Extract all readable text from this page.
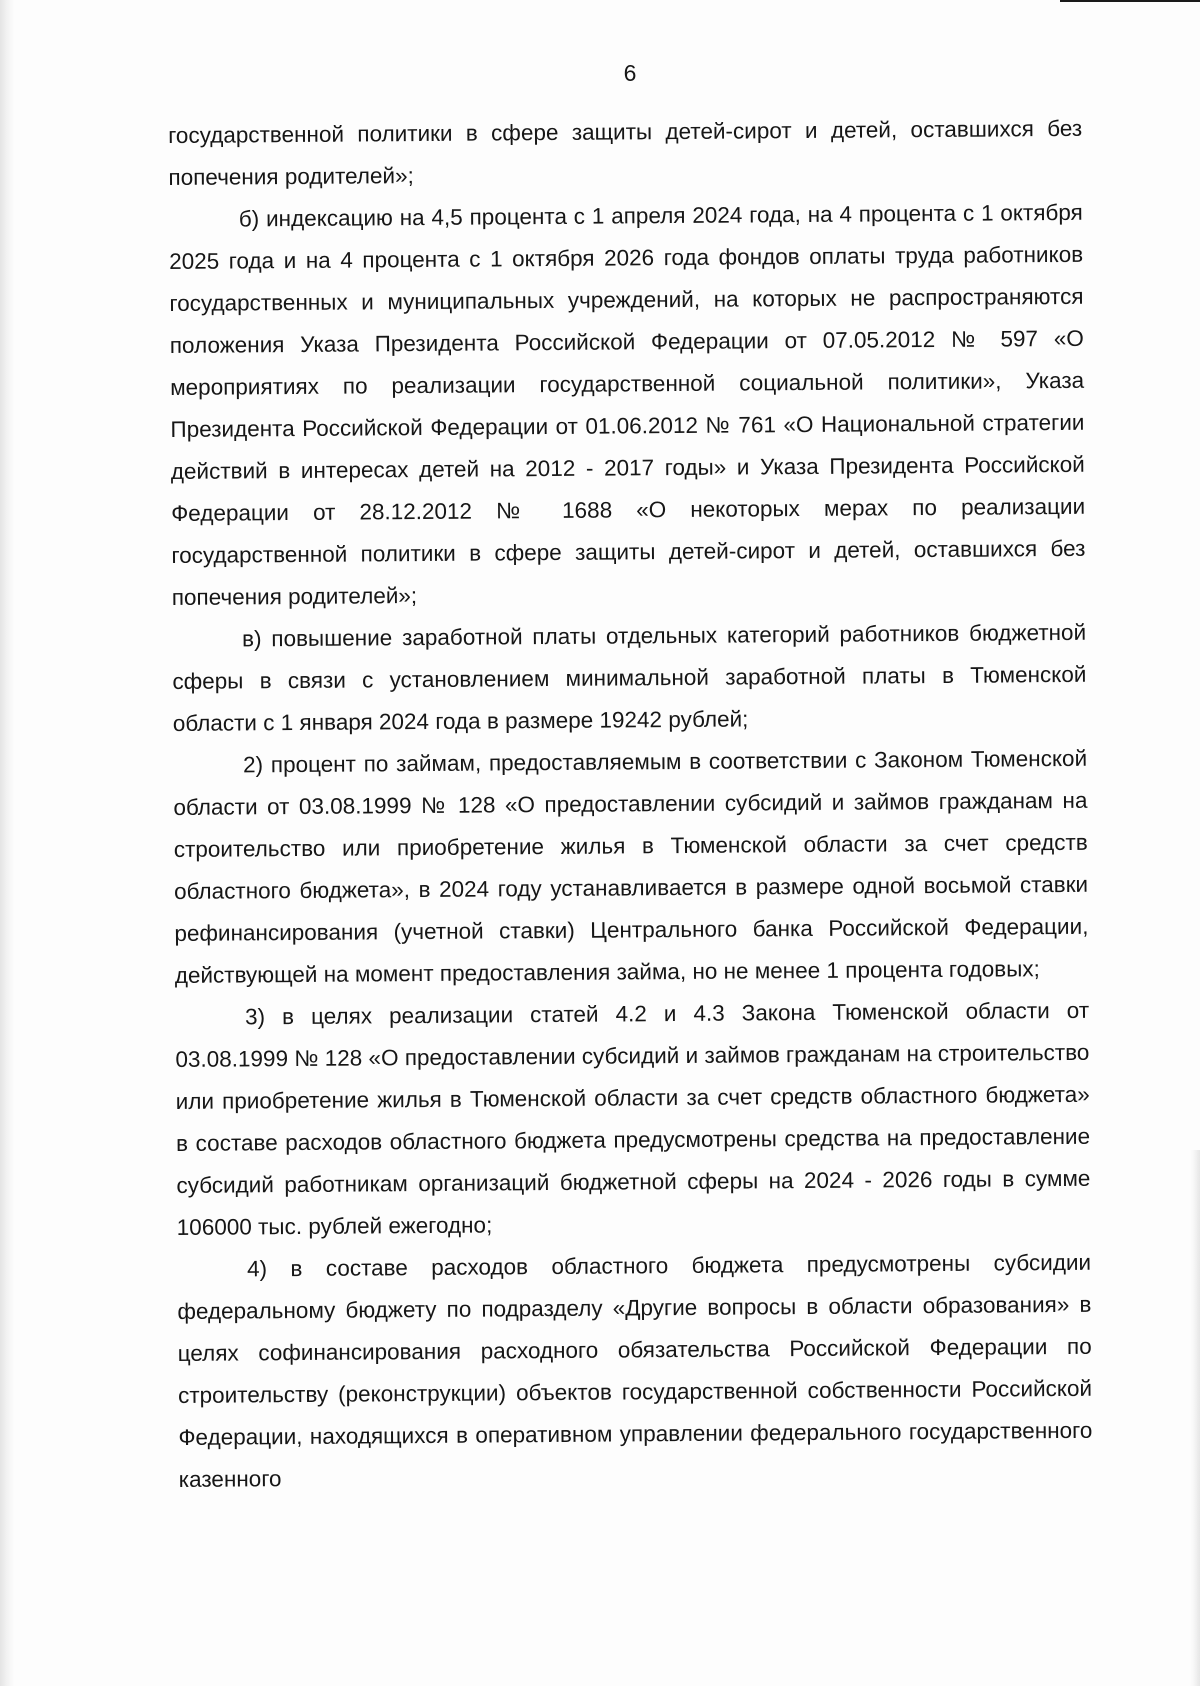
6

государственной политики в сфере защиты детей-сирот и детей, оставшихся без попечения родителей»;

б) индексацию на 4,5 процента с 1 апреля 2024 года, на 4 процента с 1 октября 2025 года и на 4 процента с 1 октября 2026 года фондов оплаты труда работников государственных и муниципальных учреждений, на которых не распространяются положения Указа Президента Российской Федерации от 07.05.2012 № 597 «О мероприятиях по реализации государственной социальной политики», Указа Президента Российской Федерации от 01.06.2012 № 761 «О Национальной стратегии действий в интересах детей на 2012 - 2017 годы» и Указа Президента Российской Федерации от 28.12.2012 № 1688 «О некоторых мерах по реализации государственной политики в сфере защиты детей-сирот и детей, оставшихся без попечения родителей»;

в) повышение заработной платы отдельных категорий работников бюджетной сферы в связи с установлением минимальной заработной платы в Тюменской области с 1 января 2024 года в размере 19242 рублей;

2) процент по займам, предоставляемым в соответствии с Законом Тюменской области от 03.08.1999 № 128 «О предоставлении субсидий и займов гражданам на строительство или приобретение жилья в Тюменской области за счет средств областного бюджета», в 2024 году устанавливается в размере одной восьмой ставки рефинансирования (учетной ставки) Центрального банка Российской Федерации, действующей на момент предоставления займа, но не менее 1 процента годовых;

3) в целях реализации статей 4.2 и 4.3 Закона Тюменской области от 03.08.1999 № 128 «О предоставлении субсидий и займов гражданам на строительство или приобретение жилья в Тюменской области за счет средств областного бюджета» в составе расходов областного бюджета предусмотрены средства на предоставление субсидий работникам организаций бюджетной сферы на 2024 - 2026 годы в сумме 106000 тыс. рублей ежегодно;

4) в составе расходов областного бюджета предусмотрены субсидии федеральному бюджету по подразделу «Другие вопросы в области образования» в целях софинансирования расходного обязательства Российской Федерации по строительству (реконструкции) объектов государственной собственности Российской Федерации, находящихся в оперативном управлении федерального государственного казенного
